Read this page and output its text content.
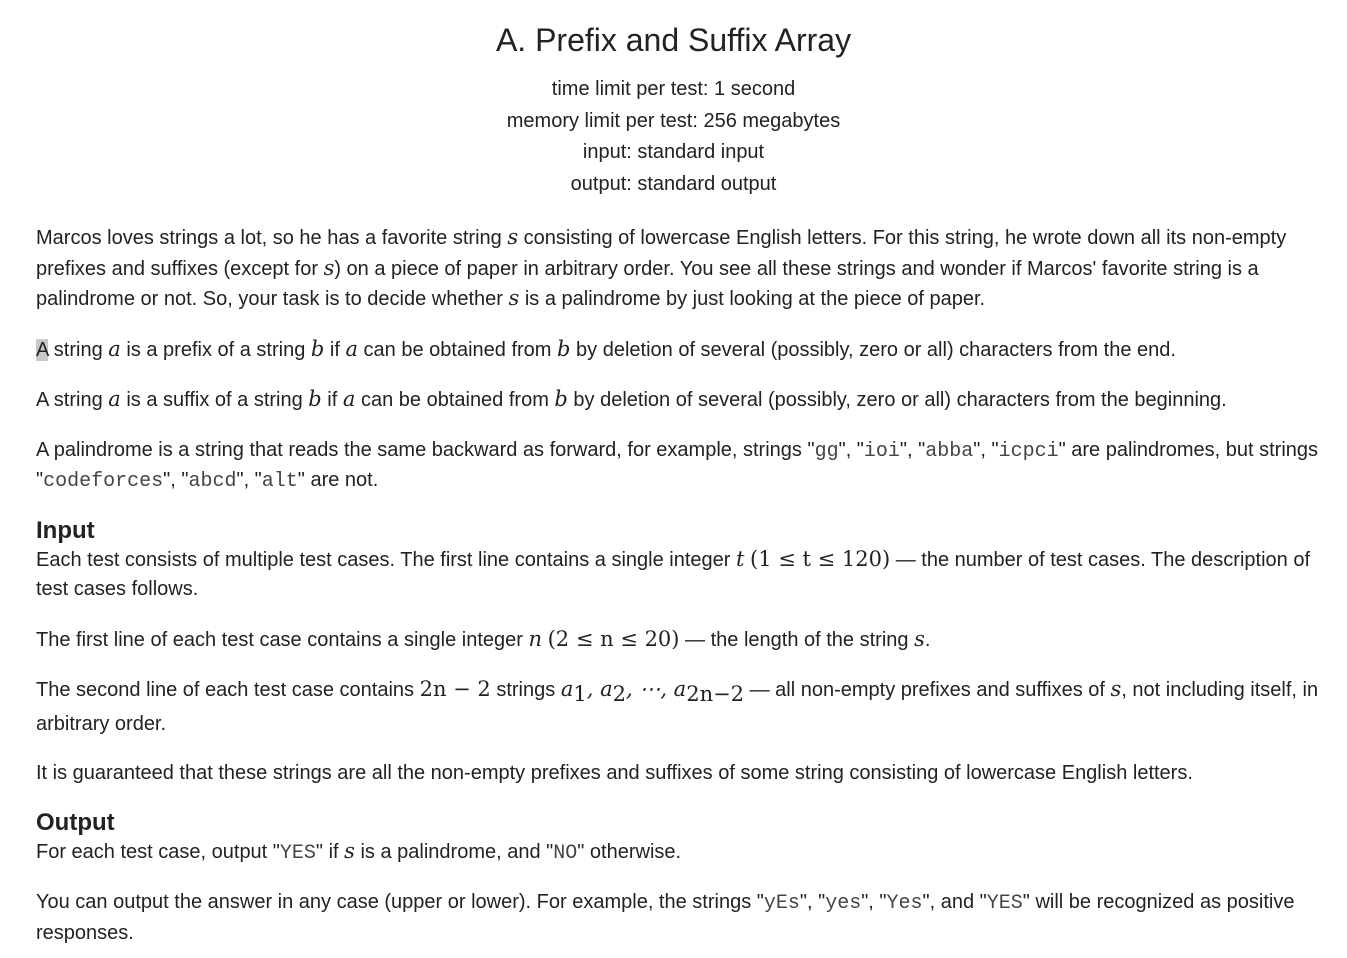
A. Prefix and Suffix Array
time limit per test: 1 second
memory limit per test: 256 megabytes
input: standard input
output: standard output

Marcos loves strings a lot, so he has a favorite string s consisting of lowercase English letters. For this string, he wrote down all its non-empty prefixes and suffixes (except for s) on a piece of paper in arbitrary order. You see all these strings and wonder if Marcos' favorite string is a palindrome or not. So, your task is to decide whether s is a palindrome by just looking at the piece of paper.

A string a is a prefix of a string b if a can be obtained from b by deletion of several (possibly, zero or all) characters from the end.

A string a is a suffix of a string b if a can be obtained from b by deletion of several (possibly, zero or all) characters from the beginning.

A palindrome is a string that reads the same backward as forward, for example, strings "gg", "ioi", "abba", "icpci" are palindromes, but strings "codeforces", "abcd", "alt" are not.

Input

Each test consists of multiple test cases. The first line contains a single integer t (1 ≤ t ≤ 120) — the number of test cases. The description of test cases follows.

The first line of each test case contains a single integer n (2 ≤ n ≤ 20) — the length of the string s.

The second line of each test case contains 2n − 2 strings $a_1$, $a_2$, ⋯, $a_{2n-2}$ — all non-empty prefixes and suffixes of s, not including itself, in arbitrary order.

It is guaranteed that these strings are all the non-empty prefixes and suffixes of some string consisting of lowercase English letters.

Output

For each test case, output "YES" if s is a palindrome, and "NO" otherwise.

You can output the answer in any case (upper or lower). For example, the strings "yEs", "yes", "Yes", and "YES" will be recognized as positive responses.
